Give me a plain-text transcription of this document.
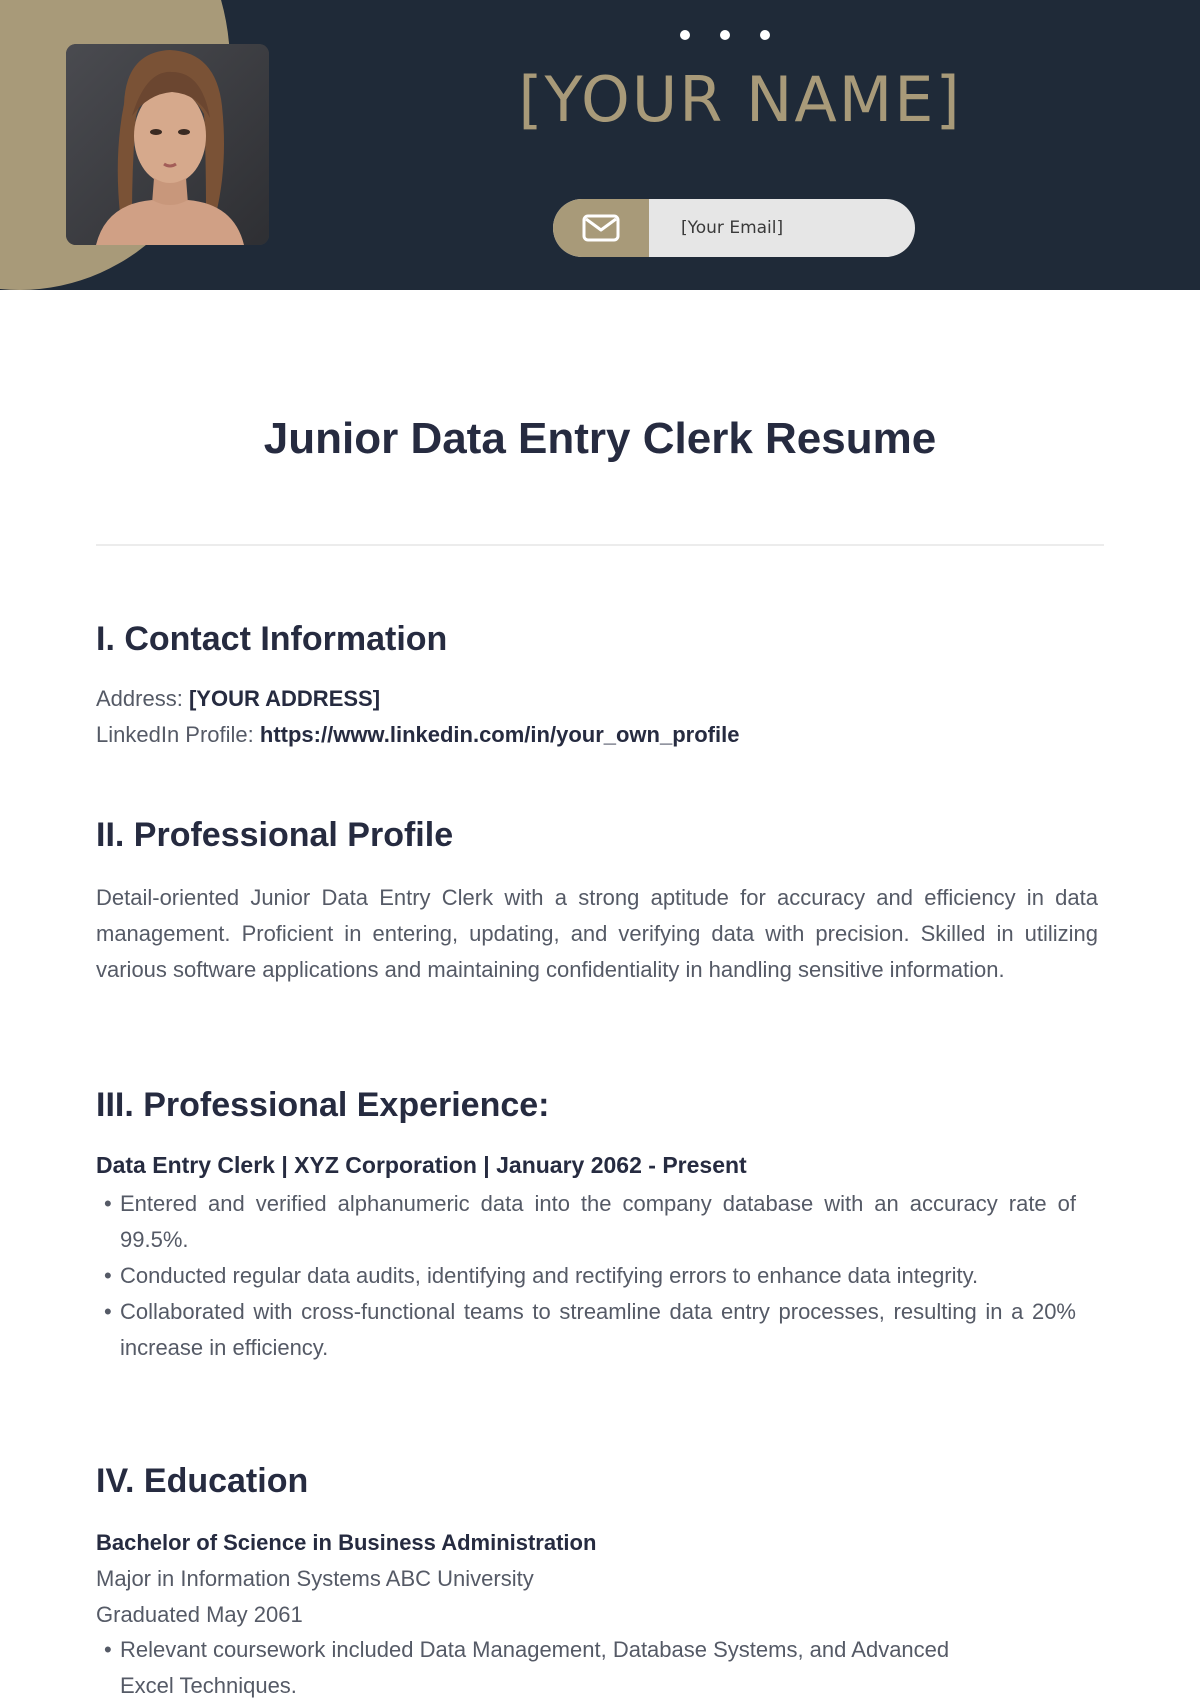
[YOUR NAME]
[Your Email]
Junior Data Entry Clerk Resume
I. Contact Information

Address: [YOUR ADDRESS]

LinkedIn Profile: https://www.linkedin.com/in/your_own_profile

II. Professional Profile

Detail-oriented Junior Data Entry Clerk with a strong aptitude for accuracy and efficiency in data management. Proficient in entering, updating, and verifying data with precision. Skilled in utilizing various software applications and maintaining confidentiality in handling sensitive information.

III. Professional Experience:

Data Entry Clerk | XYZ Corporation | January 2062 - Present

• Entered and verified alphanumeric data into the company database with an accuracy rate of 99.5%.
• Conducted regular data audits, identifying and rectifying errors to enhance data integrity.
• Collaborated with cross-functional teams to streamline data entry processes, resulting in a 20% increase in efficiency.
IV. Education

Bachelor of Science in Business Administration

Major in Information Systems ABC University

Graduated May 2061

• Relevant coursework included Data Management, Database Systems, and Advanced Excel Techniques.
